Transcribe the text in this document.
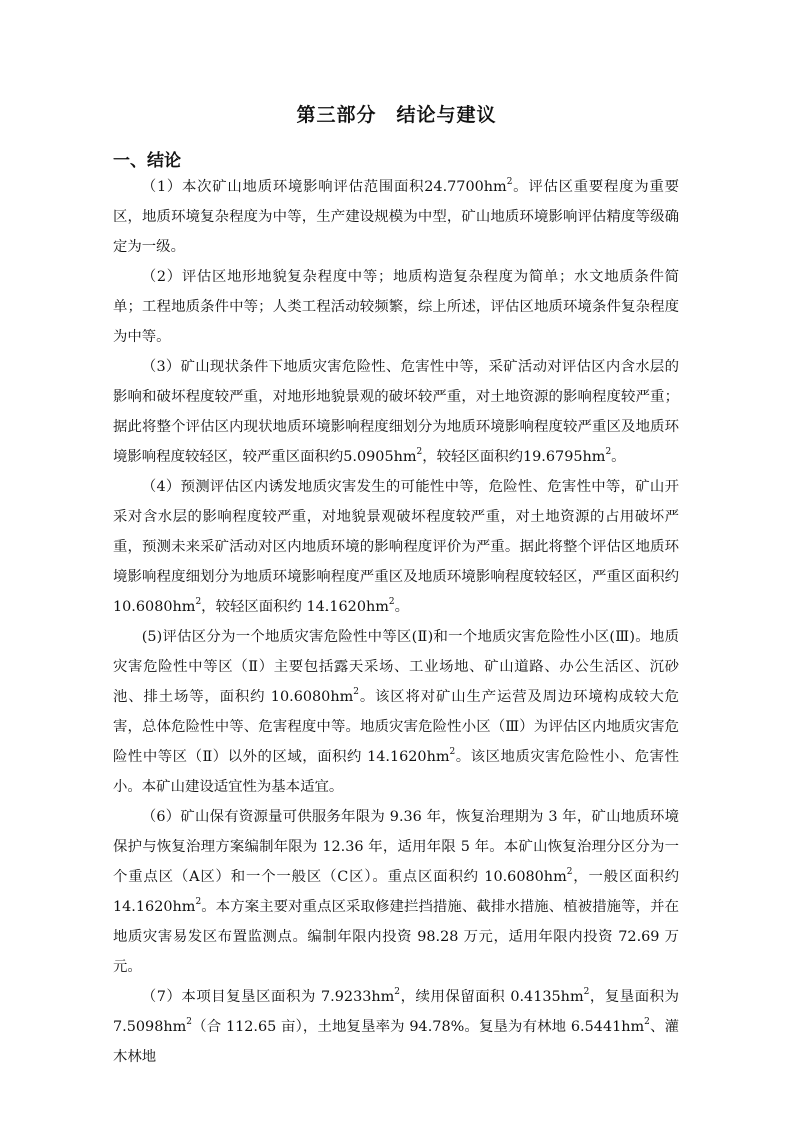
第三部分　结论与建议
一、结论

（1）本次矿山地质环境影响评估范围面积$24.7700hm^2$。评估区重要程度为重要区，地质环境复杂程度为中等，生产建设规模为中型，矿山地质环境影响评估精度等级确定为一级。

（2）评估区地形地貌复杂程度中等；地质构造复杂程度为简单；水文地质条件简单；工程地质条件中等；人类工程活动较频繁，综上所述，评估区地质环境条件复杂程度为中等。

（3）矿山现状条件下地质灾害危险性、危害性中等，采矿活动对评估区内含水层的影响和破坏程度较严重，对地形地貌景观的破坏较严重，对土地资源的影响程度较严重；据此将整个评估区内现状地质环境影响程度细划分为地质环境影响程度较严重区及地质环境影响程度较轻区，较严重区面积约$5.0905hm^2$，较轻区面积约$19.6795hm^2$。

（4）预测评估区内诱发地质灾害发生的可能性中等，危险性、危害性中等，矿山开采对含水层的影响程度较严重，对地貌景观破坏程度较严重，对土地资源的占用破坏严重，预测未来采矿活动对区内地质环境的影响程度评价为严重。据此将整个评估区地质环境影响程度细划分为地质环境影响程度严重区及地质环境影响程度较轻区，严重区面积约 $10.6080hm^2$，较轻区面积约 $14.1620hm^2$。

(5)评估区分为一个地质灾害危险性中等区(Ⅱ)和一个地质灾害危险性小区(Ⅲ)。地质灾害危险性中等区（Ⅱ）主要包括露天采场、工业场地、矿山道路、办公生活区、沉砂池、排土场等，面积约 $10.6080hm^2$。该区将对矿山生产运营及周边环境构成较大危害，总体危险性中等、危害程度中等。地质灾害危险性小区（Ⅲ）为评估区内地质灾害危险性中等区（Ⅱ）以外的区域，面积约 $14.1620hm^2$。该区地质灾害危险性小、危害性小。本矿山建设适宜性为基本适宜。

（6）矿山保有资源量可供服务年限为 9.36 年，恢复治理期为 3 年，矿山地质环境保护与恢复治理方案编制年限为 12.36 年，适用年限 5 年。本矿山恢复治理分区分为一个重点区（A区）和一个一般区（C区）。重点区面积约 $10.6080hm^2$，一般区面积约 $14.1620hm^2$。本方案主要对重点区采取修建拦挡措施、截排水措施、植被措施等，并在地质灾害易发区布置监测点。编制年限内投资 98.28 万元，适用年限内投资 72.69 万元。

（7）本项目复垦区面积为 $7.9233hm^2$，续用保留面积 $0.4135hm^2$，复垦面积为 $7.5098hm^2$（合 112.65 亩），土地复垦率为 94.78%。复垦为有林地 $6.5441hm^2$、灌木林地
